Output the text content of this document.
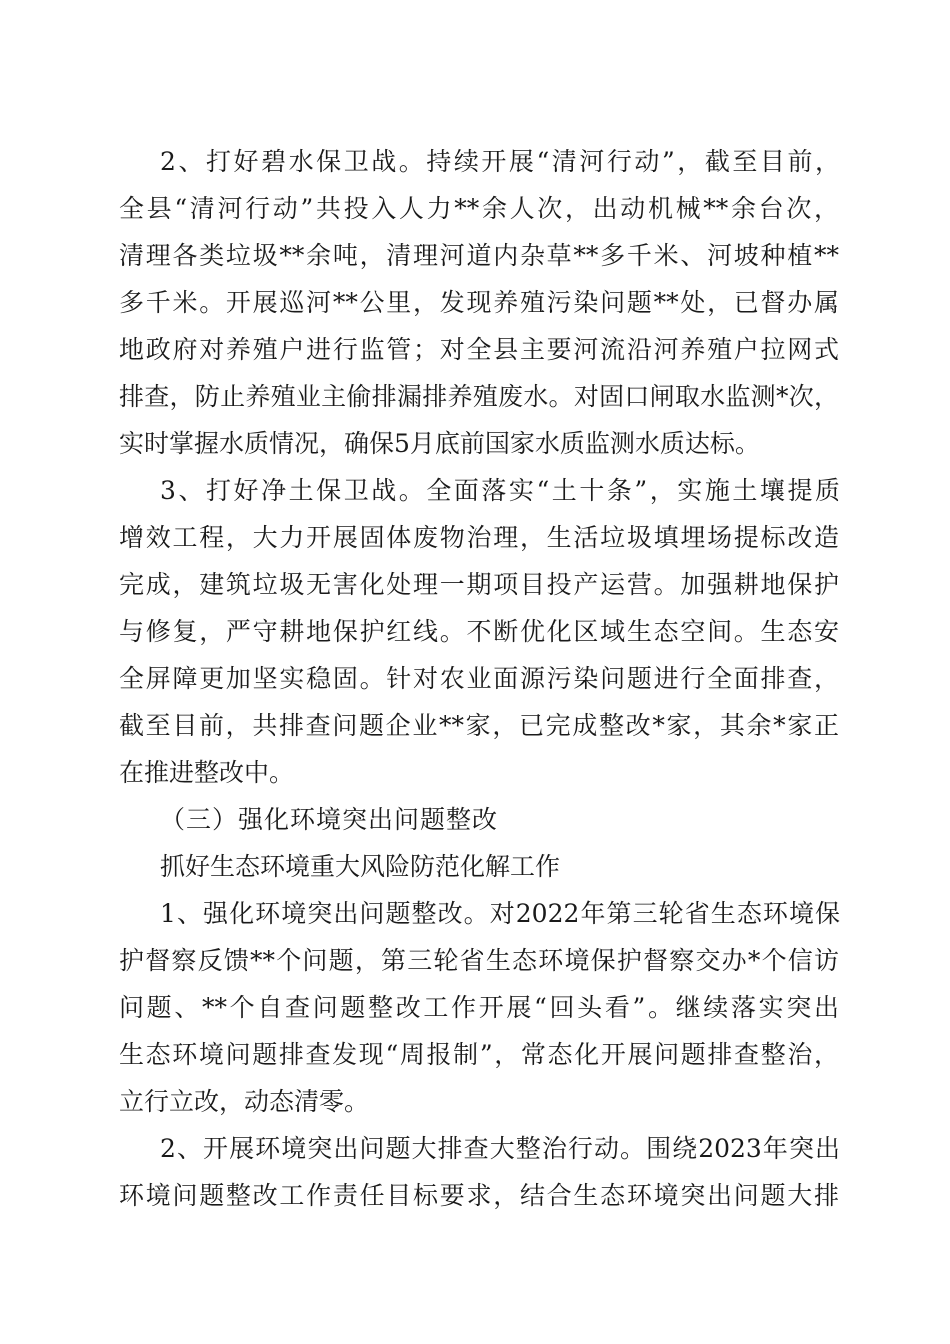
2、打好碧水保卫战。持续开展“清河行动”，截至目前，
全县“清河行动”共投入人力**余人次，出动机械**余台次，
清理各类垃圾**余吨，清理河道内杂草**多千米、河坡种植**
多千米。开展巡河**公里，发现养殖污染问题**处，已督办属
地政府对养殖户进行监管；对全县主要河流沿河养殖户拉网式
排查，防止养殖业主偷排漏排养殖废水。对固口闸取水监测*次，
实时掌握水质情况，确保5月底前国家水质监测水质达标。
3、打好净土保卫战。全面落实“土十条”，实施土壤提质
增效工程，大力开展固体废物治理，生活垃圾填埋场提标改造
完成，建筑垃圾无害化处理一期项目投产运营。加强耕地保护
与修复，严守耕地保护红线。不断优化区域生态空间。生态安
全屏障更加坚实稳固。针对农业面源污染问题进行全面排查，
截至目前，共排查问题企业**家，已完成整改*家，其余*家正
在推进整改中。
（三）强化环境突出问题整改
抓好生态环境重大风险防范化解工作
1、强化环境突出问题整改。对2022年第三轮省生态环境保
护督察反馈**个问题，第三轮省生态环境保护督察交办*个信访
问题、**个自查问题整改工作开展“回头看”。继续落实突出
生态环境问题排查发现“周报制”，常态化开展问题排查整治，
立行立改，动态清零。
2、开展环境突出问题大排查大整治行动。围绕2023年突出
环境问题整改工作责任目标要求，结合生态环境突出问题大排
